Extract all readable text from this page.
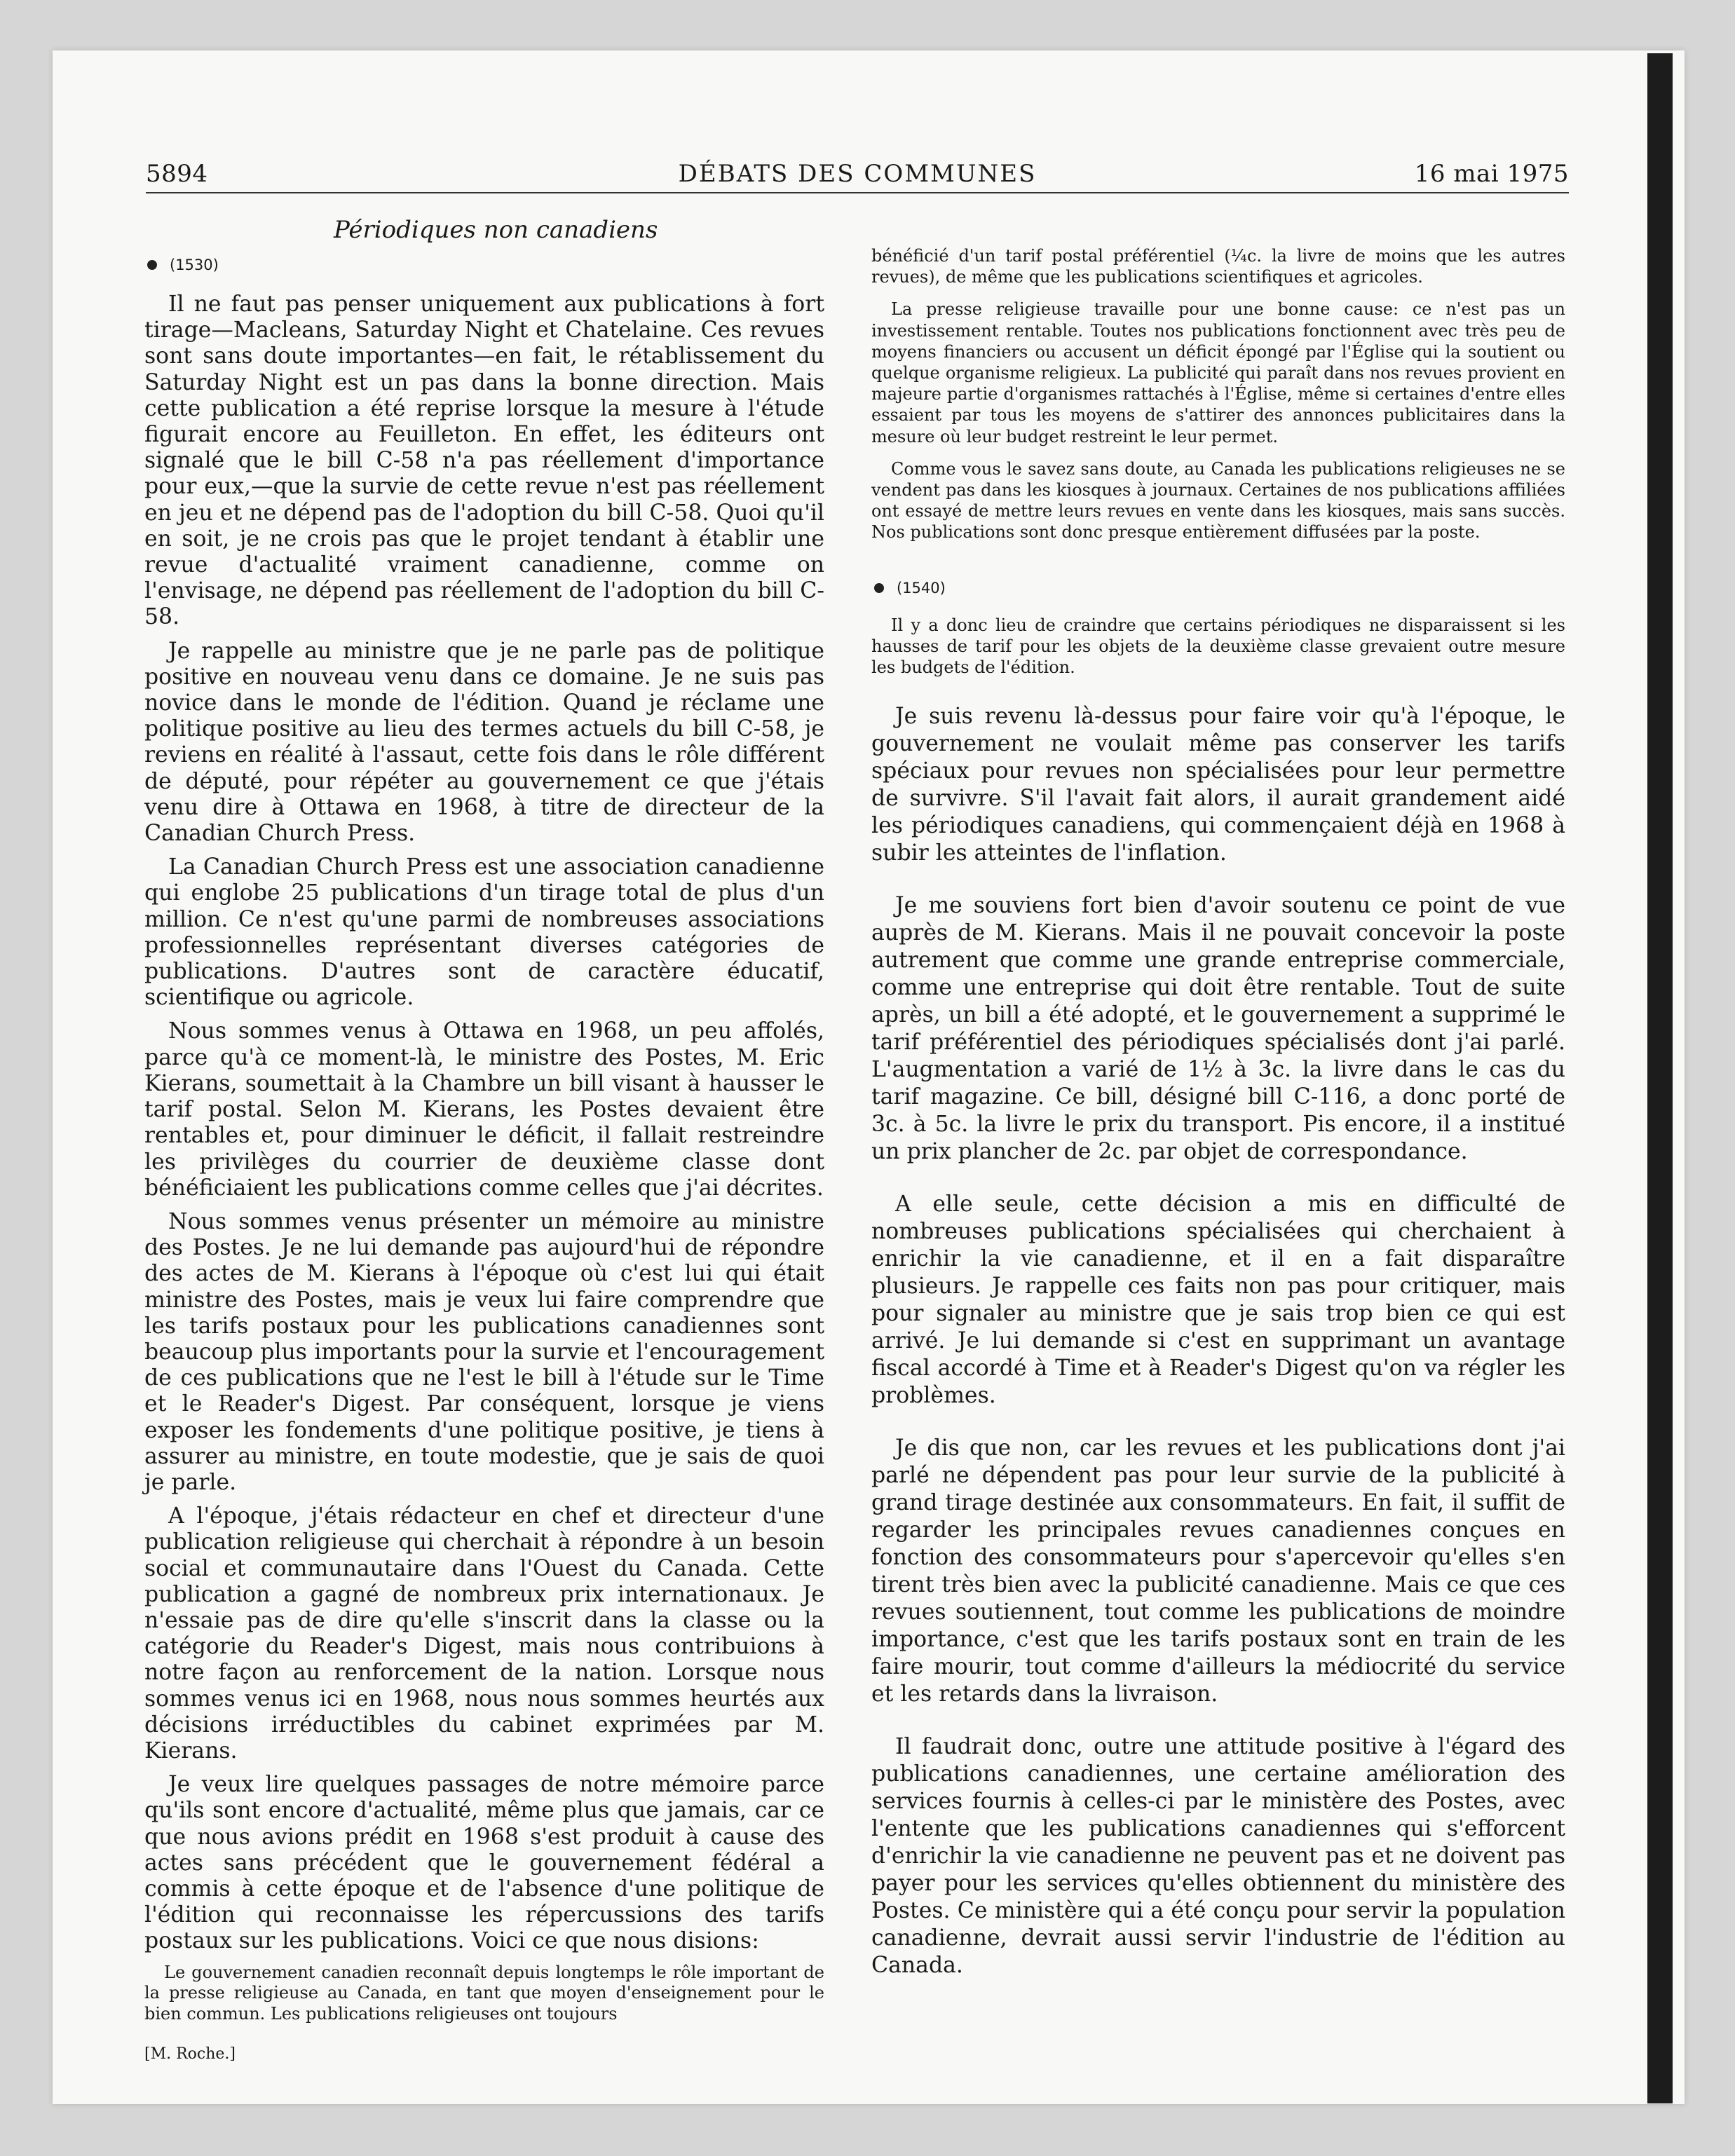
5894	DÉBATS DES COMMUNES	16 mai 1975
Périodiques non canadiens
(1530)

Il ne faut pas penser uniquement aux publications à fort tirage—Macleans, Saturday Night et Chatelaine. Ces revues sont sans doute importantes—en fait, le rétablissement du Saturday Night est un pas dans la bonne direction. Mais cette publication a été reprise lorsque la mesure à l'étude figurait encore au Feuilleton. En effet, les éditeurs ont signalé que le bill C-58 n'a pas réellement d'importance pour eux,—que la survie de cette revue n'est pas réellement en jeu et ne dépend pas de l'adoption du bill C-58. Quoi qu'il en soit, je ne crois pas que le projet tendant à établir une revue d'actualité vraiment canadienne, comme on l'envisage, ne dépend pas réellement de l'adoption du bill C-58.

Je rappelle au ministre que je ne parle pas de politique positive en nouveau venu dans ce domaine. Je ne suis pas novice dans le monde de l'édition. Quand je réclame une politique positive au lieu des termes actuels du bill C-58, je reviens en réalité à l'assaut, cette fois dans le rôle différent de député, pour répéter au gouvernement ce que j'étais venu dire à Ottawa en 1968, à titre de directeur de la Canadian Church Press.

La Canadian Church Press est une association canadienne qui englobe 25 publications d'un tirage total de plus d'un million. Ce n'est qu'une parmi de nombreuses associations professionnelles représentant diverses catégories de publications. D'autres sont de caractère éducatif, scientifique ou agricole.

Nous sommes venus à Ottawa en 1968, un peu affolés, parce qu'à ce moment-là, le ministre des Postes, M. Eric Kierans, soumettait à la Chambre un bill visant à hausser le tarif postal. Selon M. Kierans, les Postes devaient être rentables et, pour diminuer le déficit, il fallait restreindre les privilèges du courrier de deuxième classe dont bénéficiaient les publications comme celles que j'ai décrites.

Nous sommes venus présenter un mémoire au ministre des Postes. Je ne lui demande pas aujourd'hui de répondre des actes de M. Kierans à l'époque où c'est lui qui était ministre des Postes, mais je veux lui faire comprendre que les tarifs postaux pour les publications canadiennes sont beaucoup plus importants pour la survie et l'encouragement de ces publications que ne l'est le bill à l'étude sur le Time et le Reader's Digest. Par conséquent, lorsque je viens exposer les fondements d'une politique positive, je tiens à assurer au ministre, en toute modestie, que je sais de quoi je parle.

A l'époque, j'étais rédacteur en chef et directeur d'une publication religieuse qui cherchait à répondre à un besoin social et communautaire dans l'Ouest du Canada. Cette publication a gagné de nombreux prix internationaux. Je n'essaie pas de dire qu'elle s'inscrit dans la classe ou la catégorie du Reader's Digest, mais nous contribuions à notre façon au renforcement de la nation. Lorsque nous sommes venus ici en 1968, nous nous sommes heurtés aux décisions irréductibles du cabinet exprimées par M. Kierans.

Je veux lire quelques passages de notre mémoire parce qu'ils sont encore d'actualité, même plus que jamais, car ce que nous avions prédit en 1968 s'est produit à cause des actes sans précédent que le gouvernement fédéral a commis à cette époque et de l'absence d'une politique de l'édition qui reconnaisse les répercussions des tarifs postaux sur les publications. Voici ce que nous disions:

Le gouvernement canadien reconnaît depuis longtemps le rôle important de la presse religieuse au Canada, en tant que moyen d'enseignement pour le bien commun. Les publications religieuses ont toujours

[M. Roche.]

bénéficié d'un tarif postal préférentiel (¼c. la livre de moins que les autres revues), de même que les publications scientifiques et agricoles.

La presse religieuse travaille pour une bonne cause: ce n'est pas un investissement rentable. Toutes nos publications fonctionnent avec très peu de moyens financiers ou accusent un déficit épongé par l'Église qui la soutient ou quelque organisme religieux. La publicité qui paraît dans nos revues provient en majeure partie d'organismes rattachés à l'Église, même si certaines d'entre elles essaient par tous les moyens de s'attirer des annonces publicitaires dans la mesure où leur budget restreint le leur permet.

Comme vous le savez sans doute, au Canada les publications religieuses ne se vendent pas dans les kiosques à journaux. Certaines de nos publications affiliées ont essayé de mettre leurs revues en vente dans les kiosques, mais sans succès. Nos publications sont donc presque entièrement diffusées par la poste.

(1540)

Il y a donc lieu de craindre que certains périodiques ne disparaissent si les hausses de tarif pour les objets de la deuxième classe grevaient outre mesure les budgets de l'édition.

Je suis revenu là-dessus pour faire voir qu'à l'époque, le gouvernement ne voulait même pas conserver les tarifs spéciaux pour revues non spécialisées pour leur permettre de survivre. S'il l'avait fait alors, il aurait grandement aidé les périodiques canadiens, qui commençaient déjà en 1968 à subir les atteintes de l'inflation.

Je me souviens fort bien d'avoir soutenu ce point de vue auprès de M. Kierans. Mais il ne pouvait concevoir la poste autrement que comme une grande entreprise commerciale, comme une entreprise qui doit être rentable. Tout de suite après, un bill a été adopté, et le gouvernement a supprimé le tarif préférentiel des périodiques spécialisés dont j'ai parlé. L'augmentation a varié de 1½ à 3c. la livre dans le cas du tarif magazine. Ce bill, désigné bill C-116, a donc porté de 3c. à 5c. la livre le prix du transport. Pis encore, il a institué un prix plancher de 2c. par objet de correspondance.

A elle seule, cette décision a mis en difficulté de nombreuses publications spécialisées qui cherchaient à enrichir la vie canadienne, et il en a fait disparaître plusieurs. Je rappelle ces faits non pas pour critiquer, mais pour signaler au ministre que je sais trop bien ce qui est arrivé. Je lui demande si c'est en supprimant un avantage fiscal accordé à Time et à Reader's Digest qu'on va régler les problèmes.

Je dis que non, car les revues et les publications dont j'ai parlé ne dépendent pas pour leur survie de la publicité à grand tirage destinée aux consommateurs. En fait, il suffit de regarder les principales revues canadiennes conçues en fonction des consommateurs pour s'apercevoir qu'elles s'en tirent très bien avec la publicité canadienne. Mais ce que ces revues soutiennent, tout comme les publications de moindre importance, c'est que les tarifs postaux sont en train de les faire mourir, tout comme d'ailleurs la médiocrité du service et les retards dans la livraison.

Il faudrait donc, outre une attitude positive à l'égard des publications canadiennes, une certaine amélioration des services fournis à celles-ci par le ministère des Postes, avec l'entente que les publications canadiennes qui s'efforcent d'enrichir la vie canadienne ne peuvent pas et ne doivent pas payer pour les services qu'elles obtiennent du ministère des Postes. Ce ministère qui a été conçu pour servir la population canadienne, devrait aussi servir l'industrie de l'édition au Canada.
